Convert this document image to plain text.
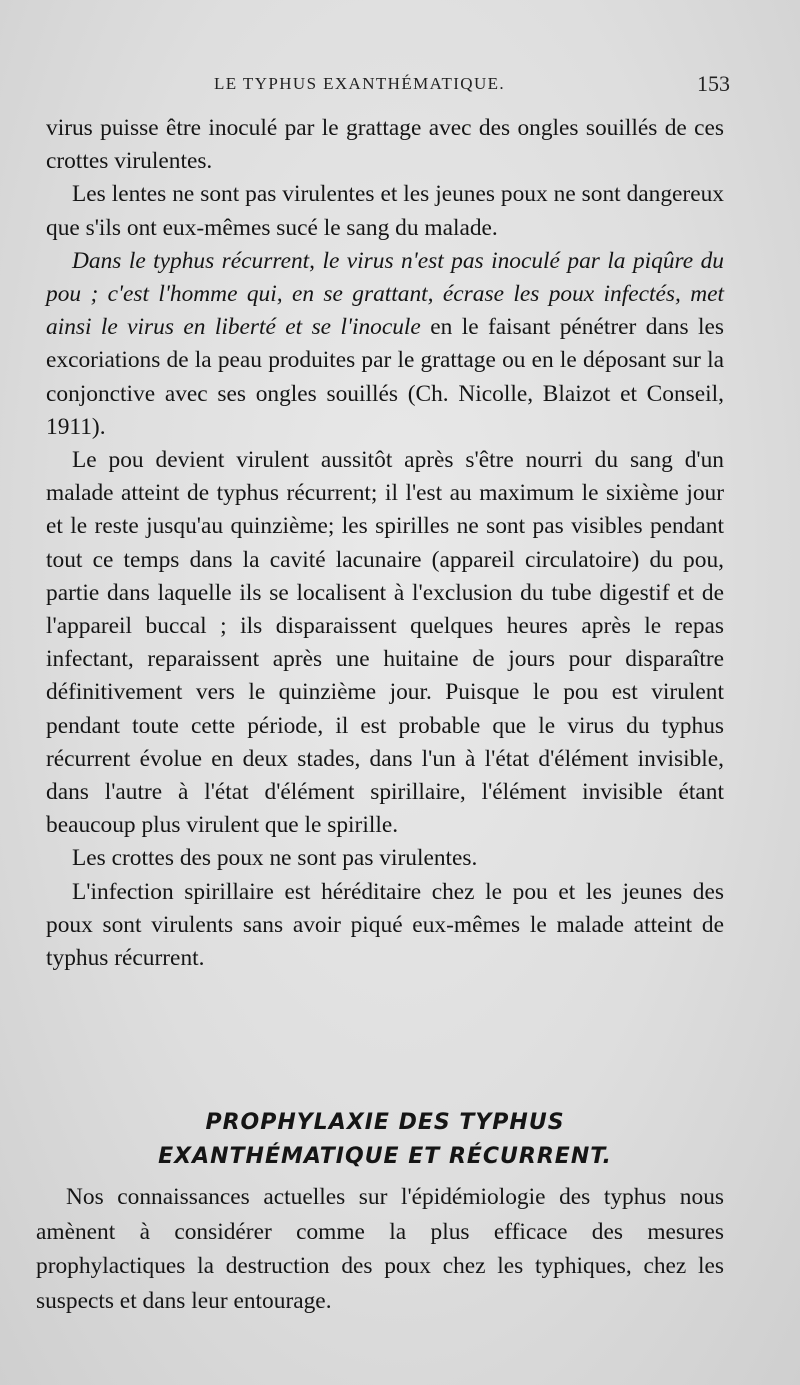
LE TYPHUS EXANTHÉMATIQUE.	153

virus puisse être inoculé par le grattage avec des ongles souillés de ces crottes virulentes.

Les lentes ne sont pas virulentes et les jeunes poux ne sont dangereux que s'ils ont eux-mêmes sucé le sang du malade.

Dans le typhus récurrent, le virus n'est pas inoculé par la piqûre du pou ; c'est l'homme qui, en se grattant, écrase les poux infectés, met ainsi le virus en liberté et se l'inocule en le faisant pénétrer dans les excoriations de la peau produites par le grattage ou en le déposant sur la conjonctive avec ses ongles souillés (Ch. Nicolle, Blaizot et Conseil, 1911).

Le pou devient virulent aussitôt après s'être nourri du sang d'un malade atteint de typhus récurrent; il l'est au maximum le sixième jour et le reste jusqu'au quinzième; les spirilles ne sont pas visibles pendant tout ce temps dans la cavité lacunaire (appareil circulatoire) du pou, partie dans laquelle ils se localisent à l'exclusion du tube digestif et de l'appareil buccal ; ils disparaissent quelques heures après le repas infectant, reparaissent après une huitaine de jours pour disparaître définitivement vers le quinzième jour. Puisque le pou est virulent pendant toute cette période, il est probable que le virus du typhus récurrent évolue en deux stades, dans l'un à l'état d'élément invisible, dans l'autre à l'état d'élément spirillaire, l'élément invisible étant beaucoup plus virulent que le spirille.

Les crottes des poux ne sont pas virulentes.

L'infection spirillaire est héréditaire chez le pou et les jeunes des poux sont virulents sans avoir piqué eux-mêmes le malade atteint de typhus récurrent.

PROPHYLAXIE DES TYPHUS
EXANTHÉMATIQUE ET RÉCURRENT.

Nos connaissances actuelles sur l'épidémiologie des typhus nous amènent à considérer comme la plus efficace des mesures prophylactiques la destruction des poux chez les typhiques, chez les suspects et dans leur entourage.
